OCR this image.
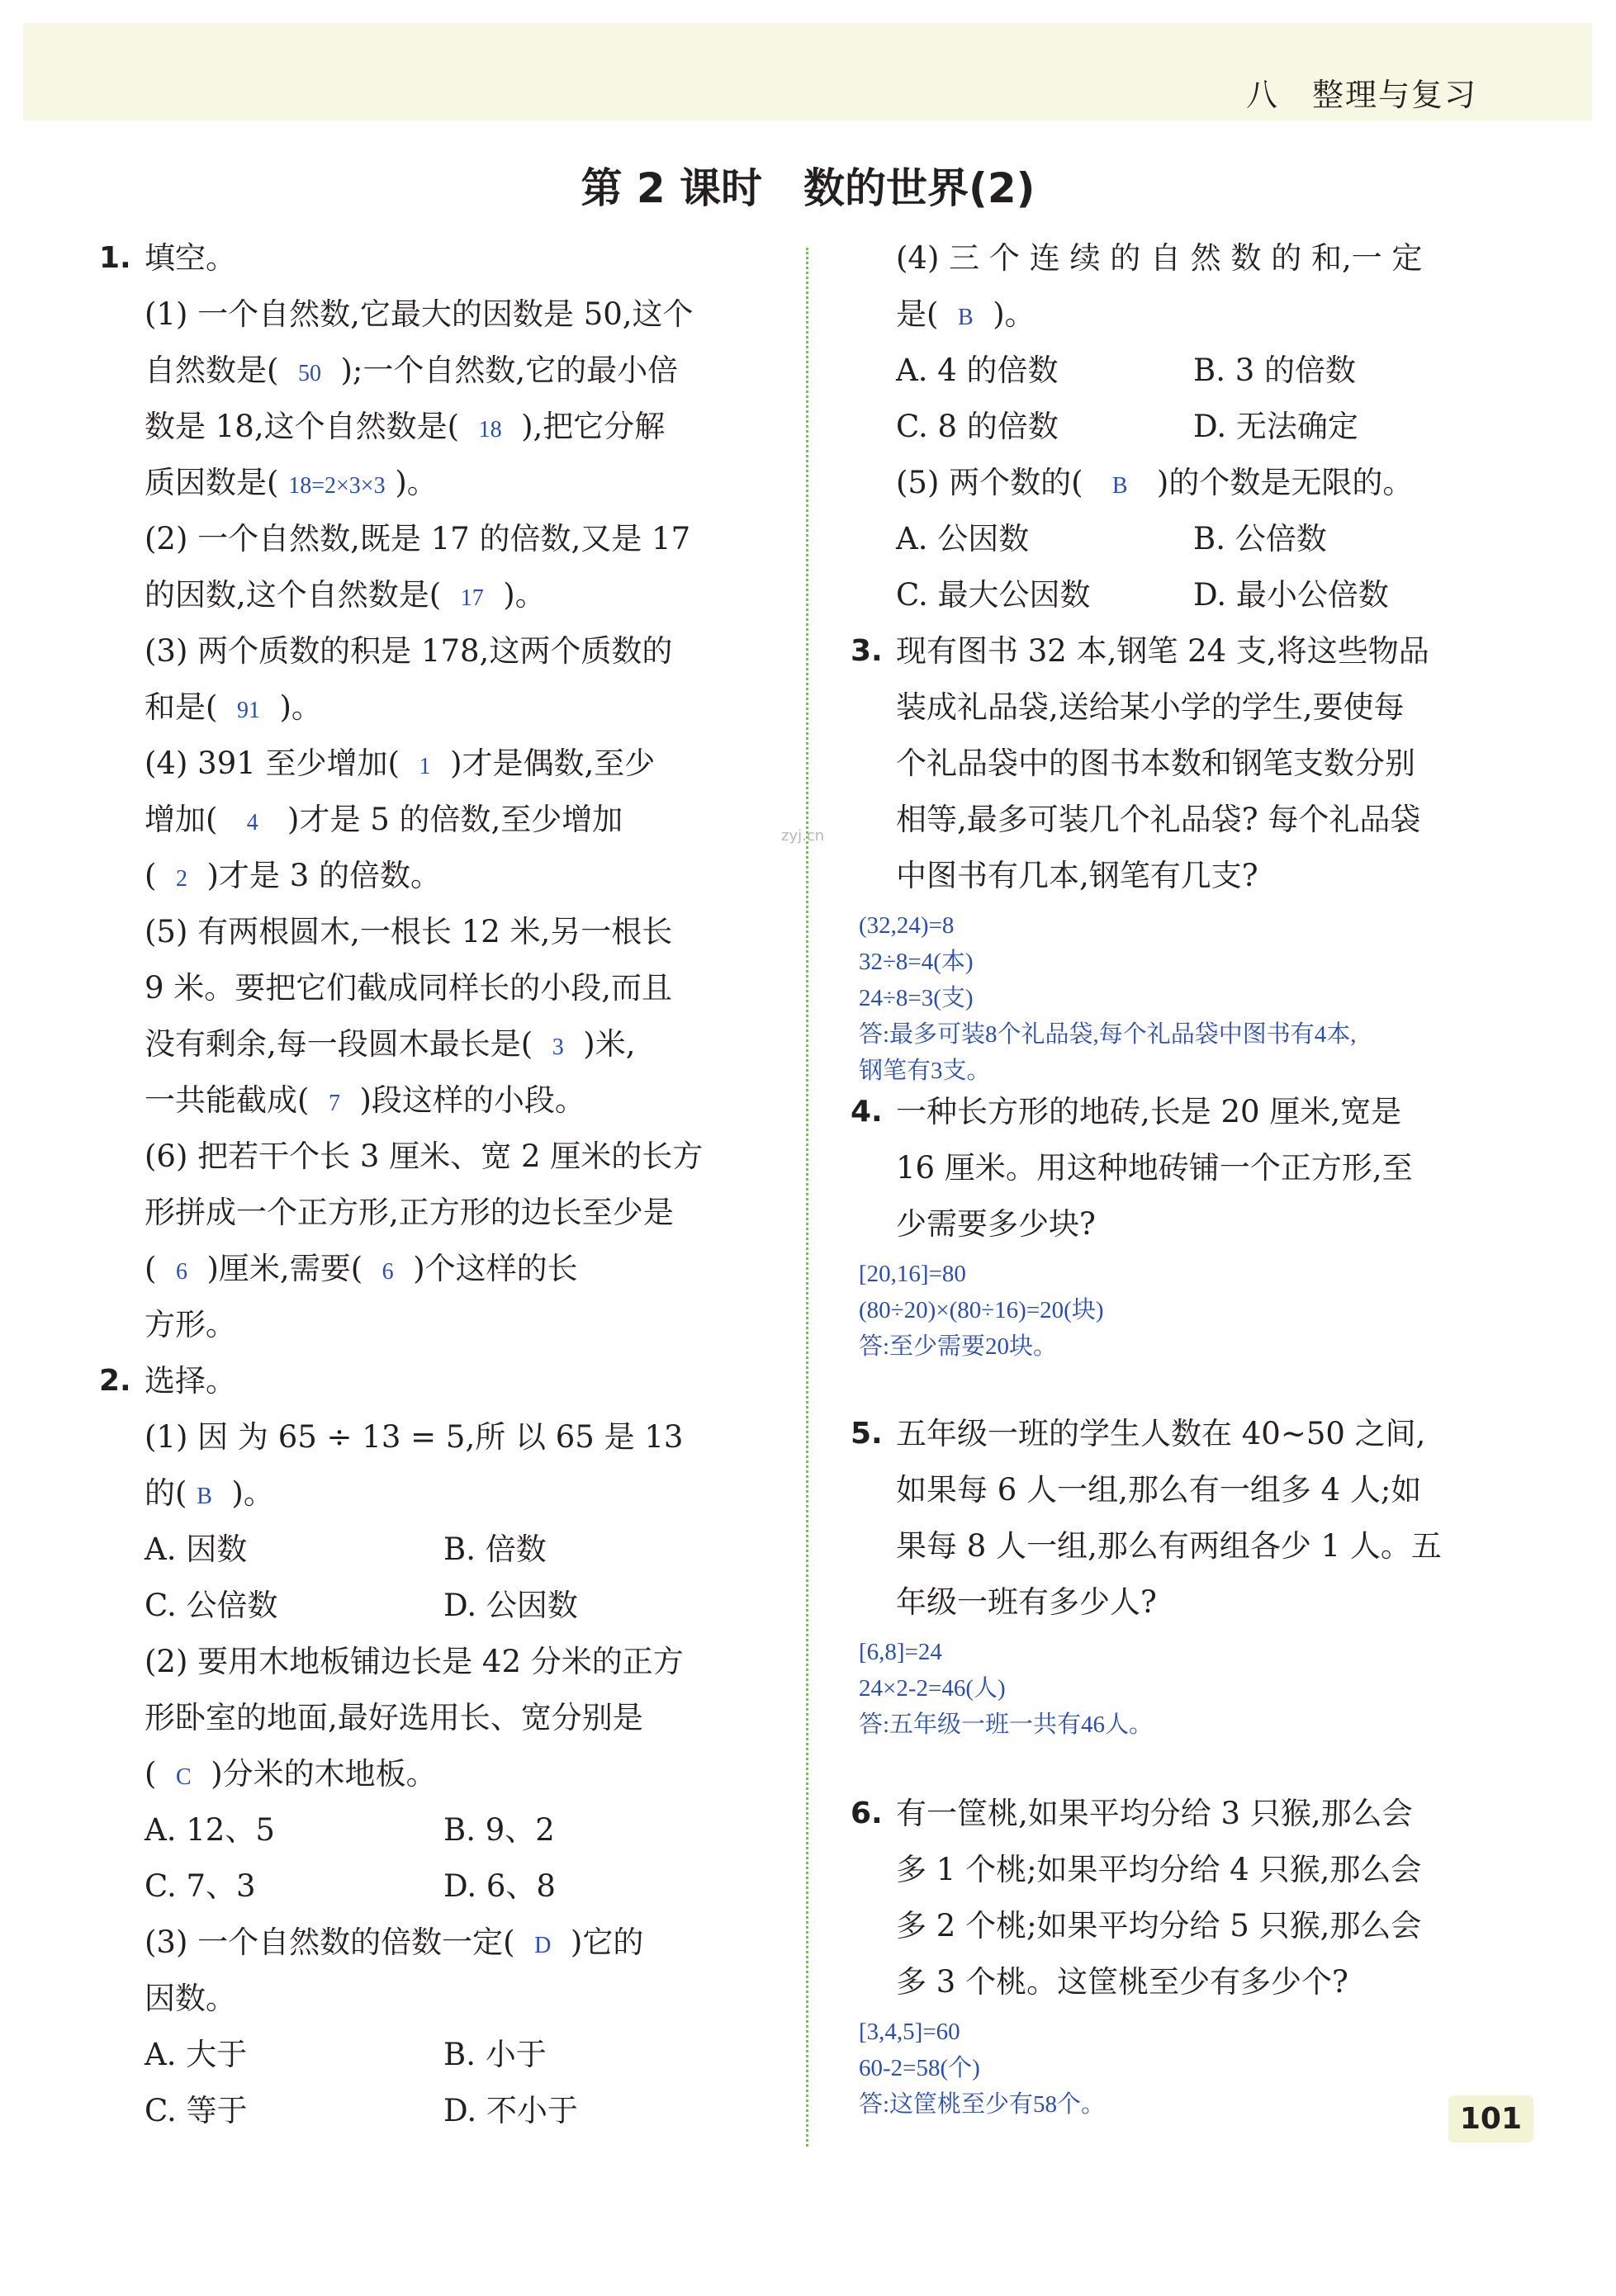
八　整理与复习
第 2 课时　数的世界(2)
zyj.cn
1. 填空。
(1) 一个自然数,它最大的因数是 50,这个
自然数是( 50 );一个自然数,它的最小倍
数是 18,这个自然数是( 18 ),把它分解
质因数是( 18=2×3×3 )。
(2) 一个自然数,既是 17 的倍数,又是 17
的因数,这个自然数是( 17 )。
(3) 两个质数的积是 178,这两个质数的
和是( 91 )。
(4) 391 至少增加( 1 )才是偶数,至少
增加( 4 )才是 5 的倍数,至少增加
( 2 )才是 3 的倍数。
(5) 有两根圆木,一根长 12 米,另一根长
9 米。要把它们截成同样长的小段,而且
没有剩余,每一段圆木最长是( 3 )米,
一共能截成( 7 )段这样的小段。
(6) 把若干个长 3 厘米、宽 2 厘米的长方
形拼成一个正方形,正方形的边长至少是
( 6 )厘米,需要( 6 )个这样的长
方形。
2. 选择。
(1) 因 为 65 ÷ 13 = 5,所 以 65 是 13
的( B )。
A. 因数	B. 倍数
C. 公倍数	D. 公因数
(2) 要用木地板铺边长是 42 分米的正方
形卧室的地面,最好选用长、宽分别是
( C )分米的木地板。
A. 12、5	B. 9、2
C. 7、3	D. 6、8
(3) 一个自然数的倍数一定( D )它的
因数。
A. 大于	B. 小于
C. 等于	D. 不小于
(4) 三 个 连 续 的 自 然 数 的 和,一 定
是( B )。
A. 4 的倍数	B. 3 的倍数
C. 8 的倍数	D. 无法确定
(5) 两个数的( B )的个数是无限的。
A. 公因数	B. 公倍数
C. 最大公因数	D. 最小公倍数
3. 现有图书 32 本,钢笔 24 支,将这些物品
装成礼品袋,送给某小学的学生,要使每
个礼品袋中的图书本数和钢笔支数分别
相等,最多可装几个礼品袋? 每个礼品袋
中图书有几本,钢笔有几支?
(32,24)=8
32÷8=4(本)
24÷8=3(支)
答:最多可装8个礼品袋,每个礼品袋中图书有4本,
钢笔有3支。
4. 一种长方形的地砖,长是 20 厘米,宽是
16 厘米。用这种地砖铺一个正方形,至
少需要多少块?
[20,16]=80
(80÷20)×(80÷16)=20(块)
答:至少需要20块。
5. 五年级一班的学生人数在 40~50 之间,
如果每 6 人一组,那么有一组多 4 人;如
果每 8 人一组,那么有两组各少 1 人。五
年级一班有多少人?
[6,8]=24
24×2-2=46(人)
答:五年级一班一共有46人。
6. 有一筐桃,如果平均分给 3 只猴,那么会
多 1 个桃;如果平均分给 4 只猴,那么会
多 2 个桃;如果平均分给 5 只猴,那么会
多 3 个桃。这筐桃至少有多少个?
[3,4,5]=60
60-2=58(个)
答:这筐桃至少有58个。	101
